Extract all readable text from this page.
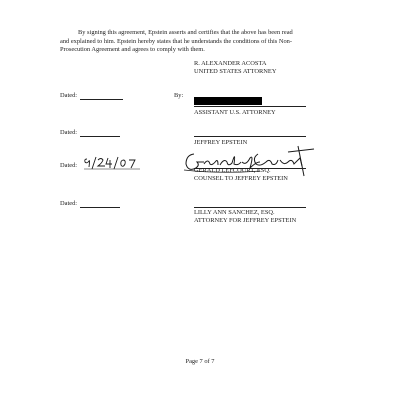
By signing this agreement, Epstein asserts and certifies that the above has been read
and explained to him. Epstein hereby states that he understands the conditions of this Non-
Prosecution Agreement and agrees to comply with them.

R. ALEXANDER ACOSTA

UNITED STATES ATTORNEY

Dated:	By:

ASSISTANT U.S. ATTORNEY

Dated:

JEFFREY EPSTEIN

Dated:

GERALD LEFCOURT, ESQ.

COUNSEL TO JEFFREY EPSTEIN

Dated:

LILLY ANN SANCHEZ, ESQ.

ATTORNEY FOR JEFFREY EPSTEIN

Page 7 of 7
